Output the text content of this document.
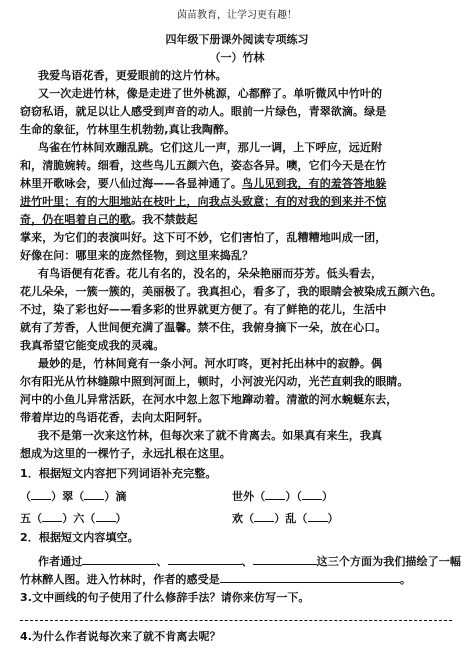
茵苗教育，让学习更有趣！
四年级下册课外阅读专项练习
（一）竹林
我爱鸟语花香，更爱眼前的这片竹林。
又一次走进竹林，像是走进了世外桃源，心都醉了。单听微风中竹叶的
窃窃私语，就足以让人感受到声音的动人。眼前一片绿色，青翠欲滴。绿是
生命的象征，竹林里生机勃勃,真让我陶醉。
鸟雀在竹林间欢蹦乱跳。它们这儿一声，那儿一调，上下呼应，远近附
和，清脆婉转。细看，这些鸟儿五颜六色，姿态各异。噢，它们今天是在竹
林里开歌咏会，要八仙过海——各显神通了。鸟儿见到我，有的羞答答地躲
进竹叶里；有的大胆地站在枝叶上，向我点头致意；有的对我的到来并不惊
奇，仍在唱着自己的歌。我不禁鼓起
掌来，为它们的表演叫好。这下可不妙，它们害怕了，乱糟糟地叫成一团，
好像在问：哪里来的庞然怪物，到这里来捣乱？
有鸟语便有花香。花儿有名的，没名的，朵朵艳丽而芬芳。低头看去，
花儿朵朵，一簇一簇的，美丽极了。我真担心，看多了，我的眼睛会被染成五颜六色。
不过，染了彩也好——看多彩的世界就更方便了。有了鲜艳的花儿，生活中
就有了芳香，人世间便充满了温馨。禁不住，我俯身摘下一朵，放在心口。
我真希望它能变成我的灵魂。
最妙的是，竹林间竟有一条小河。河水叮咚，更衬托出林中的寂静。偶
尔有阳光从竹林缝隙中照到河面上，顿时，小河波光闪动，光芒直刺我的眼睛。
河中的小鱼儿异常活跃，在河水中忽上忽下地蹿动着。清澈的河水蜿蜒东去，
带着岸边的鸟语花香，去向太阳阿轩。
我不是第一次来这竹林，但每次来了就不肯离去。如果真有来生，我真
想成为这里的一棵竹子，永远扎根在这里。
1．根据短文内容把下列词语补充完整。
（ ）翠（ ）滴	世外（ ）（ ）
五（ ）六（ ）	欢（ ）乱（ ）
2．根据短文内容填空。
作者通过	、	、	这三个方面为我们描绘了一幅
竹林醉人图。进入竹林时，作者的感受是	。
3.文中画线的句子使用了什么修辞手法？请你来仿写一下。
4.为什么作者说每次来了就不肯离去呢？
